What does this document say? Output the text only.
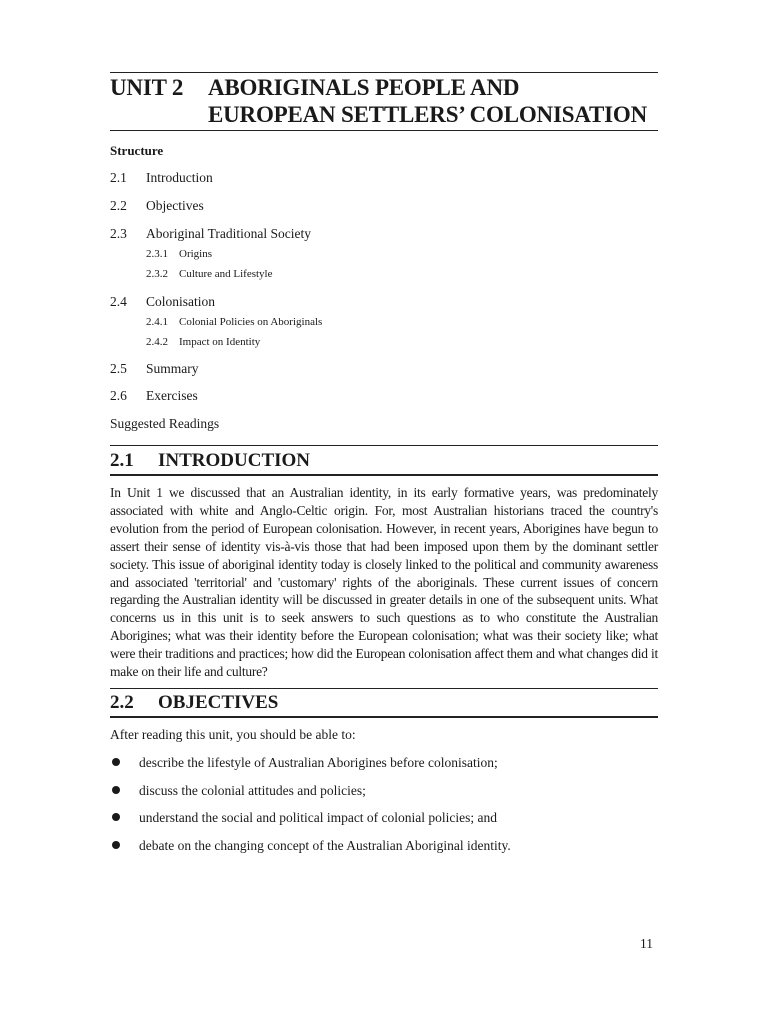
UNIT 2 ABORIGINALS PEOPLE AND
EUROPEAN SETTLERS’ COLONISATION
Structure
2.1 Introduction
2.2 Objectives
2.3 Aboriginal Traditional Society
2.3.1 Origins
2.3.2 Culture and Lifestyle
2.4 Colonisation
2.4.1 Colonial Policies on Aboriginals
2.4.2 Impact on Identity
2.5 Summary
2.6 Exercises
Suggested Readings
2.1 INTRODUCTION
In Unit 1 we discussed that an Australian identity, in its early formative years, was predominately associated with white and Anglo-Celtic origin. For, most Australian historians traced the country's evolution from the period of European colonisation. However, in recent years, Aborigines have begun to assert their sense of identity vis-à-vis those that had been imposed upon them by the dominant settler society. This issue of aboriginal identity today is closely linked to the political and community awareness and associated 'territorial' and 'customary' rights of the aboriginals. These current issues of concern regarding the Australian identity will be discussed in greater details in one of the subsequent units. What concerns us in this unit is to seek answers to such questions as to who constitute the Australian Aborigines; what was their identity before the European colonisation; what was their society like; what were their traditions and practices; how did the European colonisation affect them and what changes did it make on their life and culture?
2.2 OBJECTIVES
After reading this unit, you should be able to:
describe the lifestyle of Australian Aborigines before colonisation;
discuss the colonial attitudes and policies;
understand the social and political impact of colonial policies; and
debate on the changing concept of the Australian Aboriginal identity.
11
